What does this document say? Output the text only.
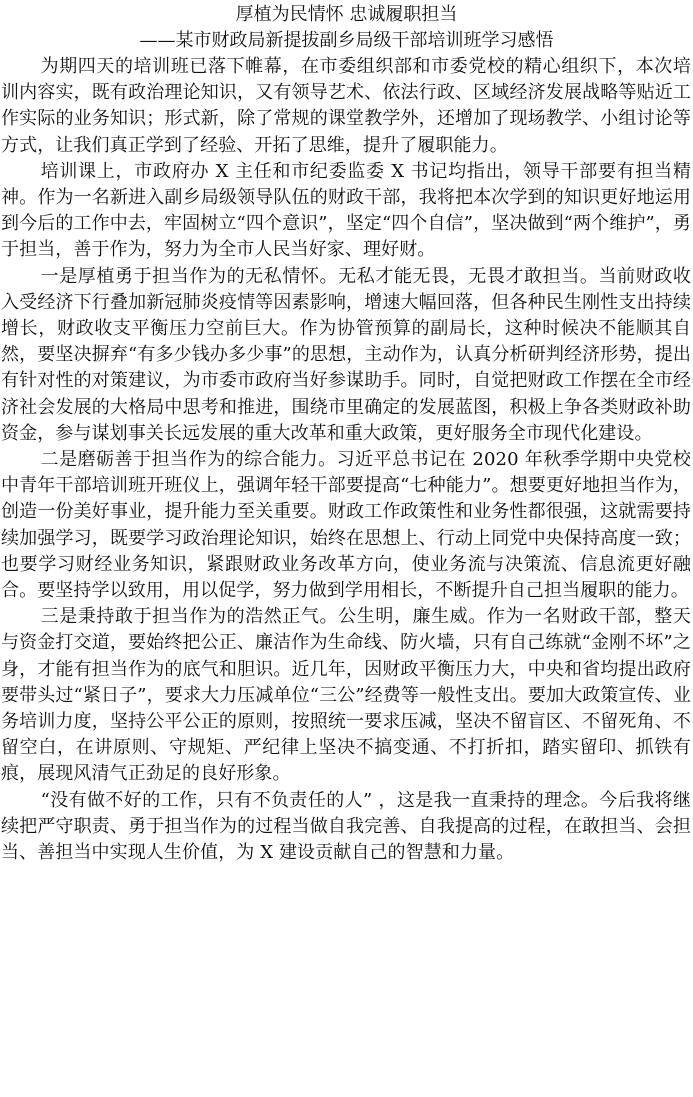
厚植为民情怀 忠诚履职担当
——某市财政局新提拔副乡局级干部培训班学习感悟

为期四天的培训班已落下帷幕，在市委组织部和市委党校的精心组织下，本次培训内容实，既有政治理论知识，又有领导艺术、依法行政、区域经济发展战略等贴近工作实际的业务知识；形式新，除了常规的课堂教学外，还增加了现场教学、小组讨论等方式，让我们真正学到了经验、开拓了思维，提升了履职能力。

培训课上，市政府办 X 主任和市纪委监委 X 书记均指出，领导干部要有担当精神。作为一名新进入副乡局级领导队伍的财政干部，我将把本次学到的知识更好地运用到今后的工作中去，牢固树立“四个意识”，坚定“四个自信”，坚决做到“两个维护”，勇于担当，善于作为，努力为全市人民当好家、理好财。

一是厚植勇于担当作为的无私情怀。无私才能无畏，无畏才敢担当。当前财政收入受经济下行叠加新冠肺炎疫情等因素影响，增速大幅回落，但各种民生刚性支出持续增长，财政收支平衡压力空前巨大。作为协管预算的副局长，这种时候决不能顺其自然，要坚决摒弃“有多少钱办多少事”的思想，主动作为，认真分析研判经济形势，提出有针对性的对策建议，为市委市政府当好参谋助手。同时，自觉把财政工作摆在全市经济社会发展的大格局中思考和推进，围绕市里确定的发展蓝图，积极上争各类财政补助资金，参与谋划事关长远发展的重大改革和重大政策，更好服务全市现代化建设。

二是磨砺善于担当作为的综合能力。习近平总书记在 2020 年秋季学期中央党校中青年干部培训班开班仪上，强调年轻干部要提高“七种能力”。想要更好地担当作为，创造一份美好事业，提升能力至关重要。财政工作政策性和业务性都很强，这就需要持续加强学习，既要学习政治理论知识，始终在思想上、行动上同党中央保持高度一致；也要学习财经业务知识，紧跟财政业务改革方向，使业务流与决策流、信息流更好融合。要坚持学以致用，用以促学，努力做到学用相长，不断提升自己担当履职的能力。

三是秉持敢于担当作为的浩然正气。公生明，廉生威。作为一名财政干部，整天与资金打交道，要始终把公正、廉洁作为生命线、防火墙，只有自己练就“金刚不坏”之身，才能有担当作为的底气和胆识。近几年，因财政平衡压力大，中央和省均提出政府要带头过“紧日子”，要求大力压减单位“三公”经费等一般性支出。要加大政策宣传、业务培训力度，坚持公平公正的原则，按照统一要求压减，坚决不留盲区、不留死角、不留空白，在讲原则、守规矩、严纪律上坚决不搞变通、不打折扣，踏实留印、抓铁有痕，展现风清气正劲足的良好形象。

“没有做不好的工作，只有不负责任的人” ，这是我一直秉持的理念。今后我将继续把严守职责、勇于担当作为的过程当做自我完善、自我提高的过程，在敢担当、会担当、善担当中实现人生价值，为 X 建设贡献自己的智慧和力量。
